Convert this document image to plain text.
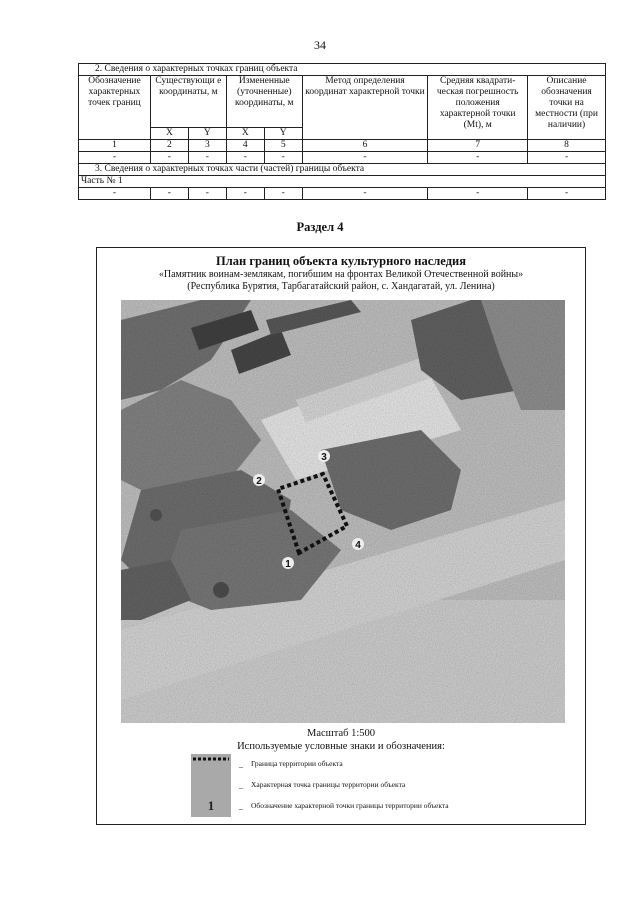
34
2. Сведения о характерных точках границ объекта							
Обозначение характерных точек границ	Существующи е координаты, м		Измененные (уточненные) координаты, м		Метод определения координат характерной точки	Средняя квадрати-ческая погрешность положения характерной точки (Мt), м	Описание обозначения точки на местности (при наличии)
	X	Y	X	Y			
1	2	3	4	5	6	7	8
-	-	-	-	-	-	-	-
3. Сведения о характерных точках части (частей) границы объекта							
Часть № 1							
-	-	-	-	-	-	-	-
Раздел 4
План границ объекта культурного наследия
«Памятник воинам-землякам, погибшим на фронтах Великой Отечественной войны»
(Республика Бурятия, Тарбагатайский район, с. Хандагатай, ул. Ленина)
1
2
3
4
Масштаб 1:500
Используемые условные знаки и обозначения:
– Граница территории объекта
– Характерная точка границы территории объекта
1	– Обозначение характерной точки границы территории объекта
